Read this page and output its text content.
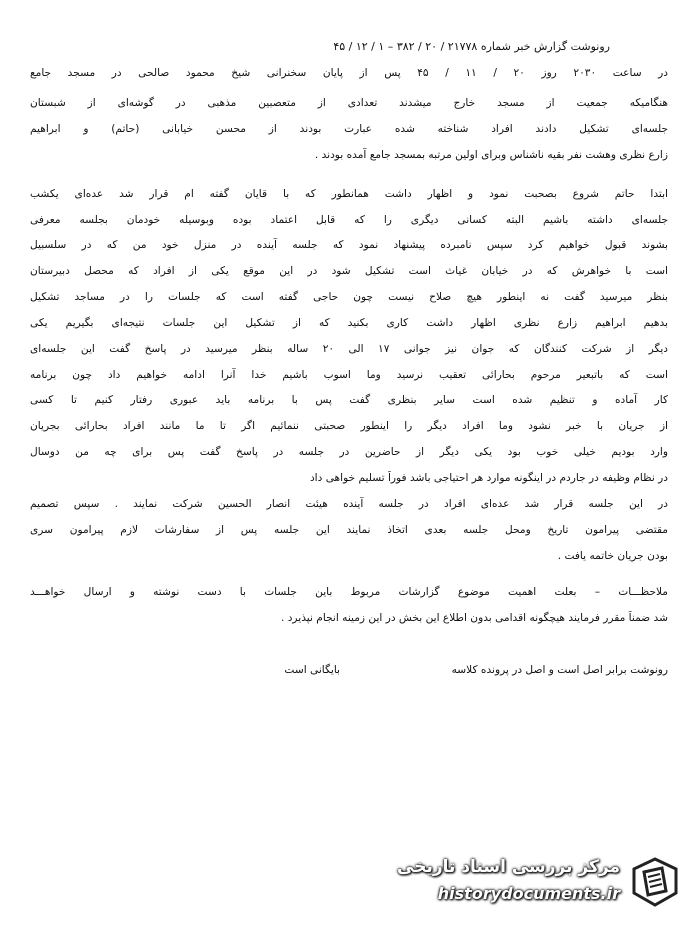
رونوشت گزارش خبر شماره ۲۱۷۷۸ / ۲۰ / ۳۸۲ – ۱ / ۱۲ / ۴۵
در ساعت ۲۰۳۰ روز ۲۰ / ۱۱ / ۴۵ پس از پایان سخنرانی شیخ محمود صالحی در مسجد جامع
هنگامیکه جمعیت از مسجد خارج میشدند تعدادی از متعصبین مذهبی در گوشه‌ای از شبستان
جلسه‌ای تشکیل دادند افراد شناخته شده عبارت بودند از محسن خیابانی (حاتم) و ابراهیم
زارع نظری وهشت نفر بقیه ناشناس وبرای اولین مرتبه بمسجد جامع آمده بودند .
ابتدا حاتم شروع بصحبت نمود و اظهار داشت همانطور که با قایان گفته ام قرار شد عده‌ای یکشب
جلسه‌ای داشته باشیم البته کسانی دیگری را که قابل اعتماد بوده وبوسیله خودمان بجلسه معرفی
بشوند قبول خواهیم کرد سپس نامبرده پیشنهاد نمود که جلسه آینده در منزل خود من که در سلسبیل
است با خواهرش که در خیابان غیاث است تشکیل شود در این موقع یکی از افراد که محصل دبیرستان
بنظر میرسید گفت نه اینطور هیچ صلاح نیست چون حاجی گفته است که جلسات را در مساجد تشکیل
بدهیم ابراهیم زارع نظری اظهار داشت کاری بکنید که از تشکیل این جلسات نتیجه‌ای بگیریم یکی
دیگر از شرکت کنندگان که جوان نیز جوانی ۱۷ الی ۲۰ ساله بنظر میرسید در پاسخ گفت این جلسه‌ای
است که باتبعیر مرحوم بحارائی تعقیب نرسید وما اسوب باشیم خدا آنرا ادامه خواهیم داد چون برنامه
کار آماده و تنظیم شده است سایر بنظری گفت پس با برنامه باید عبوری رفتار کنیم تا کسی
از جریان با خبر نشود وما افراد دیگر را اینطور صحبتی ننمائیم اگر تا ما مانند افراد بحارائی بجریان
وارد بودیم خیلی خوب بود یکی دیگر از حاضرین در جلسه در پاسخ گفت پس برای چه من دوسال
در نظام وظیفه در جاردم در اینگونه موارد هر احتیاجی باشد فوراً تسلیم خواهی داد
در این جلسه قرار شد عده‌ای افراد در جلسه آینده هیئت انصار الحسین شرکت نمایند . سپس تصمیم
مقتضی پیرامون تاریخ ومحل جلسه بعدی اتخاذ نمایند این جلسه پس از سفارشات لازم پیرامون سری
بودن جریان خاتمه یافت .
ملاحظـــات – بعلت اهمیت موضوع گزارشات مربوط باین جلسات با دست نوشته و ارسال خواهـــد
شد ضمناً مقرر فرمایند هیچگونه اقدامی بدون اطلاع این بخش در این زمینه انجام نپذیرد .
رونوشت برابر اصل است و اصل در پرونده کلاسه
بایگانی است
مرکز بررسی اسناد تاریخی
historydocuments.ir
